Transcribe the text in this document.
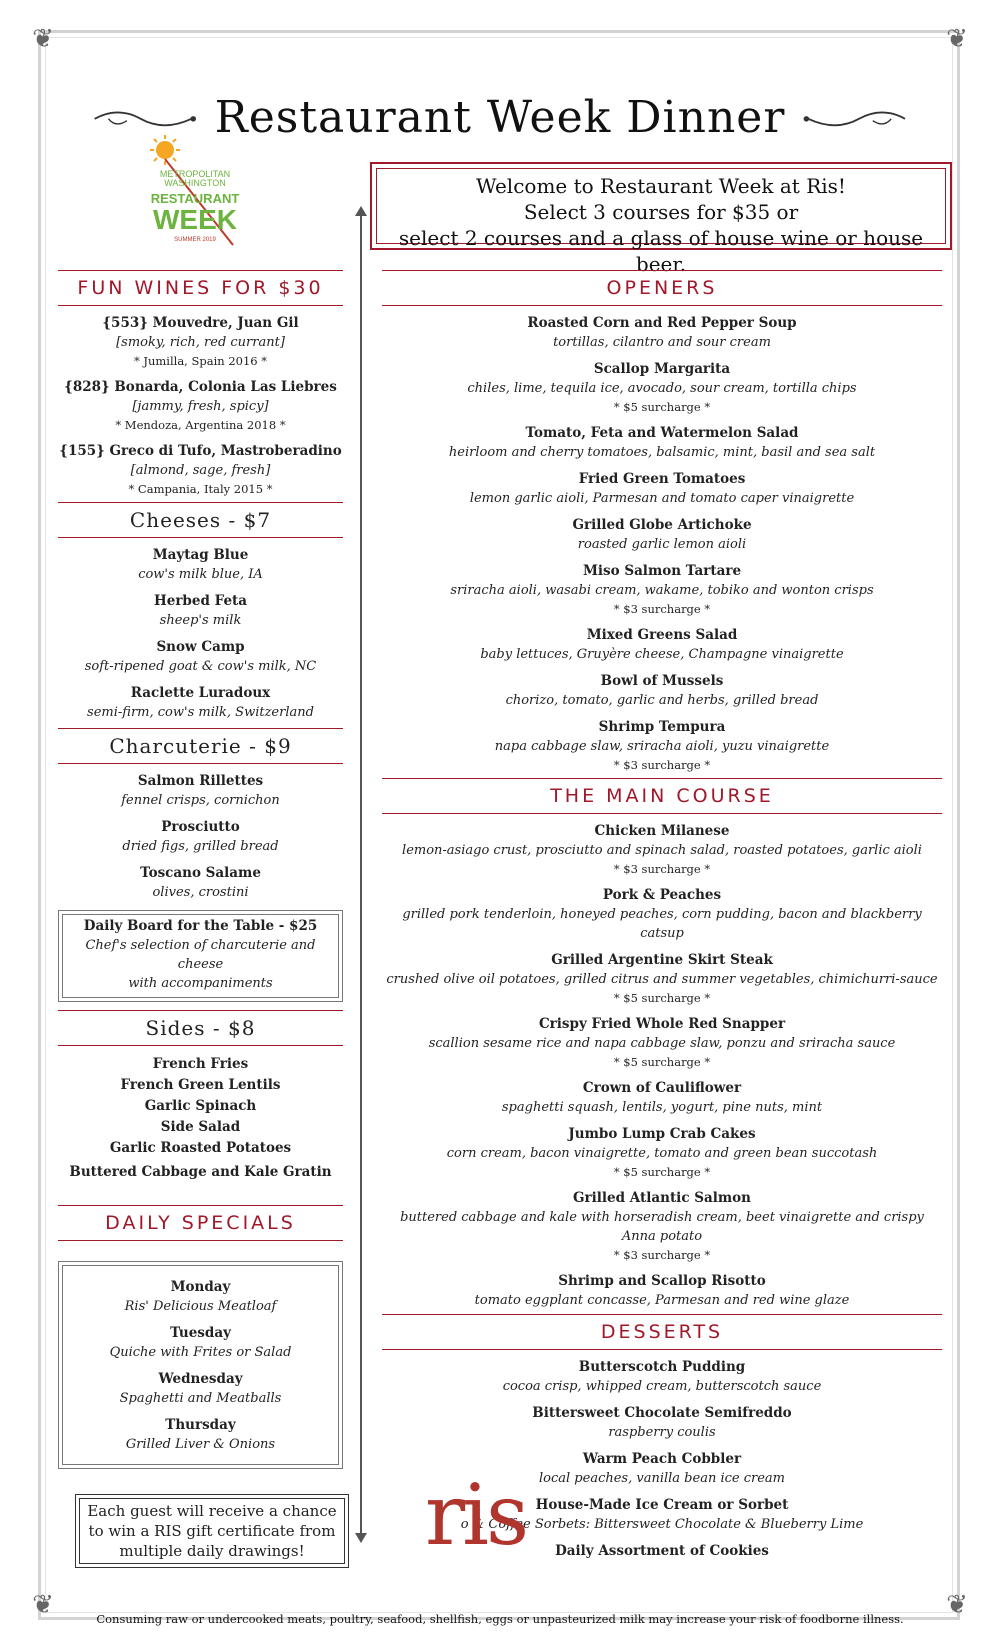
❦	❦
❦	❦
Restaurant Week Dinner
METROPOLITAN
WASHINGTON
RESTAURANT
WEEK
SUMMER 2019
Welcome to Restaurant Week at Ris!
Select 3 courses for $35 or
select 2 courses and a glass of house wine or house beer.
FUN WINES FOR $30
{553} Mouvedre, Juan Gil
[smoky, rich, red currant]
* Jumilla, Spain 2016 *
{828} Bonarda, Colonia Las Liebres
[jammy, fresh, spicy]
* Mendoza, Argentina 2018 *
{155} Greco di Tufo, Mastroberadino
[almond, sage, fresh]
* Campania, Italy 2015 *
Cheeses - $7
Maytag Blue
cow's milk blue, IA
Herbed Feta
sheep's milk
Snow Camp
soft-ripened goat & cow's milk, NC
Raclette Luradoux
semi-firm, cow's milk, Switzerland
Charcuterie - $9
Salmon Rillettes
fennel crisps, cornichon
Prosciutto
dried figs, grilled bread
Toscano Salame
olives, crostini
Daily Board for the Table - $25
Chef's selection of charcuterie and cheese
with accompaniments
Sides - $8
French Fries
French Green Lentils
Garlic Spinach
Side Salad
Garlic Roasted Potatoes
Buttered Cabbage and Kale Gratin
DAILY SPECIALS
Monday
Ris' Delicious Meatloaf
Tuesday
Quiche with Frites or Salad
Wednesday
Spaghetti and Meatballs
Thursday
Grilled Liver & Onions
Each guest will receive a chance
to win a RIS gift certificate from
multiple daily drawings!
OPENERS
Roasted Corn and Red Pepper Soup
tortillas, cilantro and sour cream
Scallop Margarita
chiles, lime, tequila ice, avocado, sour cream, tortilla chips
* $5 surcharge *
Tomato, Feta and Watermelon Salad
heirloom and cherry tomatoes, balsamic, mint, basil and sea salt
Fried Green Tomatoes
lemon garlic aioli, Parmesan and tomato caper vinaigrette
Grilled Globe Artichoke
roasted garlic lemon aioli
Miso Salmon Tartare
sriracha aioli, wasabi cream, wakame, tobiko and wonton crisps
* $3 surcharge *
Mixed Greens Salad
baby lettuces, Gruyère cheese, Champagne vinaigrette
Bowl of Mussels
chorizo, tomato, garlic and herbs, grilled bread
Shrimp Tempura
napa cabbage slaw, sriracha aioli, yuzu vinaigrette
* $3 surcharge *
THE MAIN COURSE
Chicken Milanese
lemon-asiago crust, prosciutto and spinach salad, roasted potatoes, garlic aioli
* $3 surcharge *
Pork & Peaches
grilled pork tenderloin, honeyed peaches, corn pudding, bacon and blackberry catsup
Grilled Argentine Skirt Steak
crushed olive oil potatoes, grilled citrus and summer vegetables, chimichurri-sauce
* $5 surcharge *
Crispy Fried Whole Red Snapper
scallion sesame rice and napa cabbage slaw, ponzu and sriracha sauce
* $5 surcharge *
Crown of Cauliflower
spaghetti squash, lentils, yogurt, pine nuts, mint
Jumbo Lump Crab Cakes
corn cream, bacon vinaigrette, tomato and green bean succotash
* $5 surcharge *
Grilled Atlantic Salmon
buttered cabbage and kale with horseradish cream, beet vinaigrette and crispy Anna potato
* $3 surcharge *
Shrimp and Scallop Risotto
tomato eggplant concasse, Parmesan and red wine glaze
DESSERTS
Butterscotch Pudding
cocoa crisp, whipped cream, butterscotch sauce
Bittersweet Chocolate Semifreddo
raspberry coulis
Warm Peach Cobbler
local peaches, vanilla bean ice cream
House-Made Ice Cream or Sorbet
o & Coffee Sorbets: Bittersweet Chocolate & Blueberry Lime
Daily Assortment of Cookies
ris
Consuming raw or undercooked meats, poultry, seafood, shellfish, eggs or unpasteurized milk may increase your risk of foodborne illness.
